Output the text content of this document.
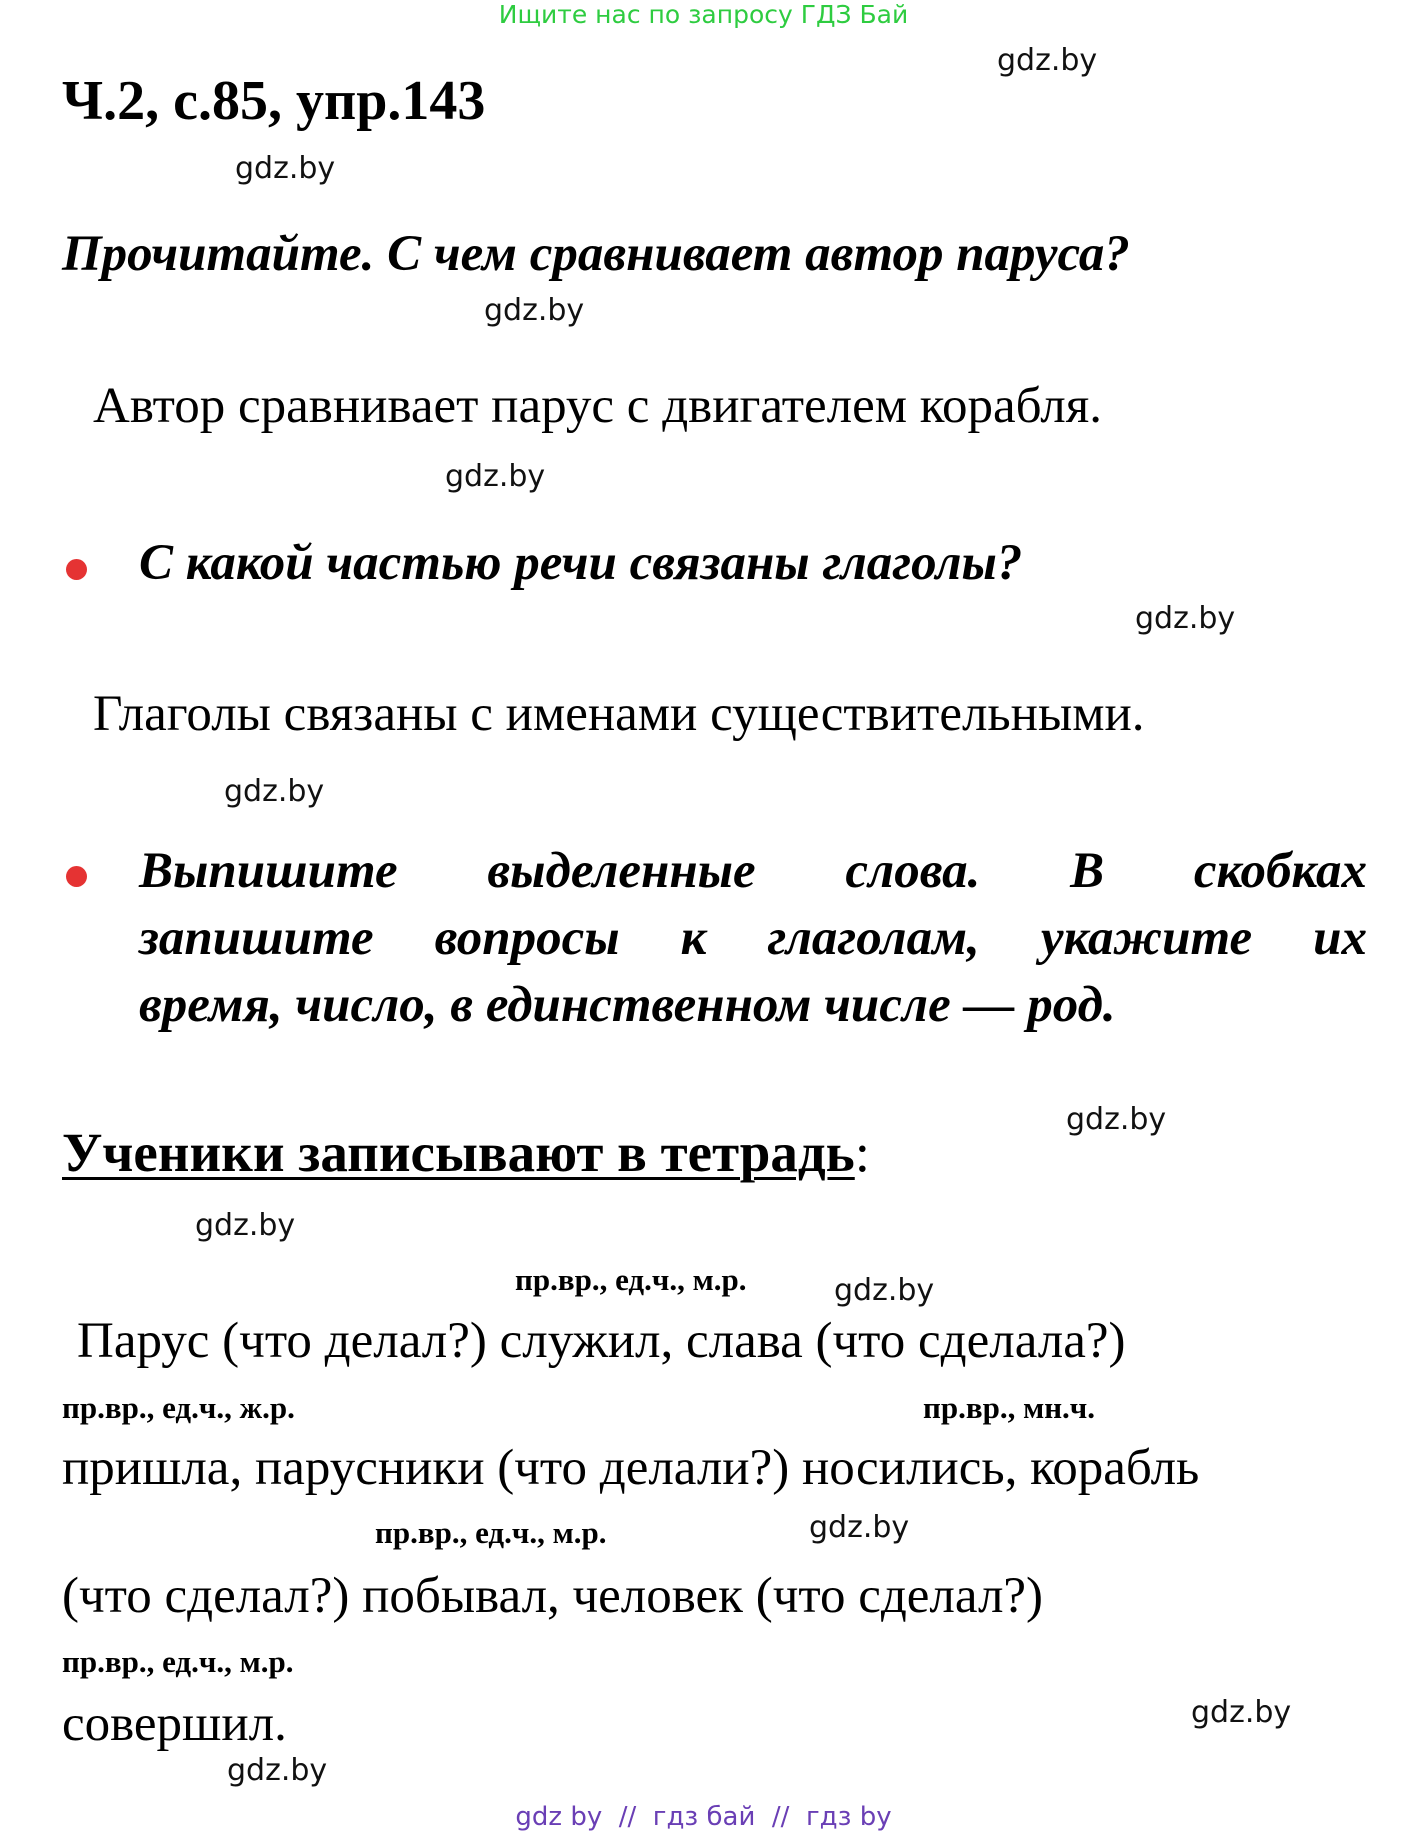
Ищите нас по запросу ГДЗ Бай
gdz.by
Ч.2, с.85, упр.143
gdz.by
Прочитайте. С чем сравнивает автор паруса?
gdz.by
Автор сравнивает парус с двигателем корабля.
gdz.by
С какой частью речи связаны глаголы?
gdz.by
Глаголы связаны с именами существительными.
gdz.by
Выпишите выделенные слова. В скобках
запишите вопросы к глаголам, укажите их
время, число, в единственном числе — род.
gdz.by
Ученики записывают в тетрадь:
gdz.by
пр.вр., ед.ч., м.р.	gdz.by
Парус (что делал?) служил, слава (что сделала?)
пр.вр., ед.ч., ж.р.	пр.вр., мн.ч.
пришла, парусники (что делали?) носились, корабль
пр.вр., ед.ч., м.р.	gdz.by
(что сделал?) побывал, человек (что сделал?)
пр.вр., ед.ч., м.р.
совершил.	gdz.by
gdz.by
gdz by  //  гдз бай  //  гдз by
